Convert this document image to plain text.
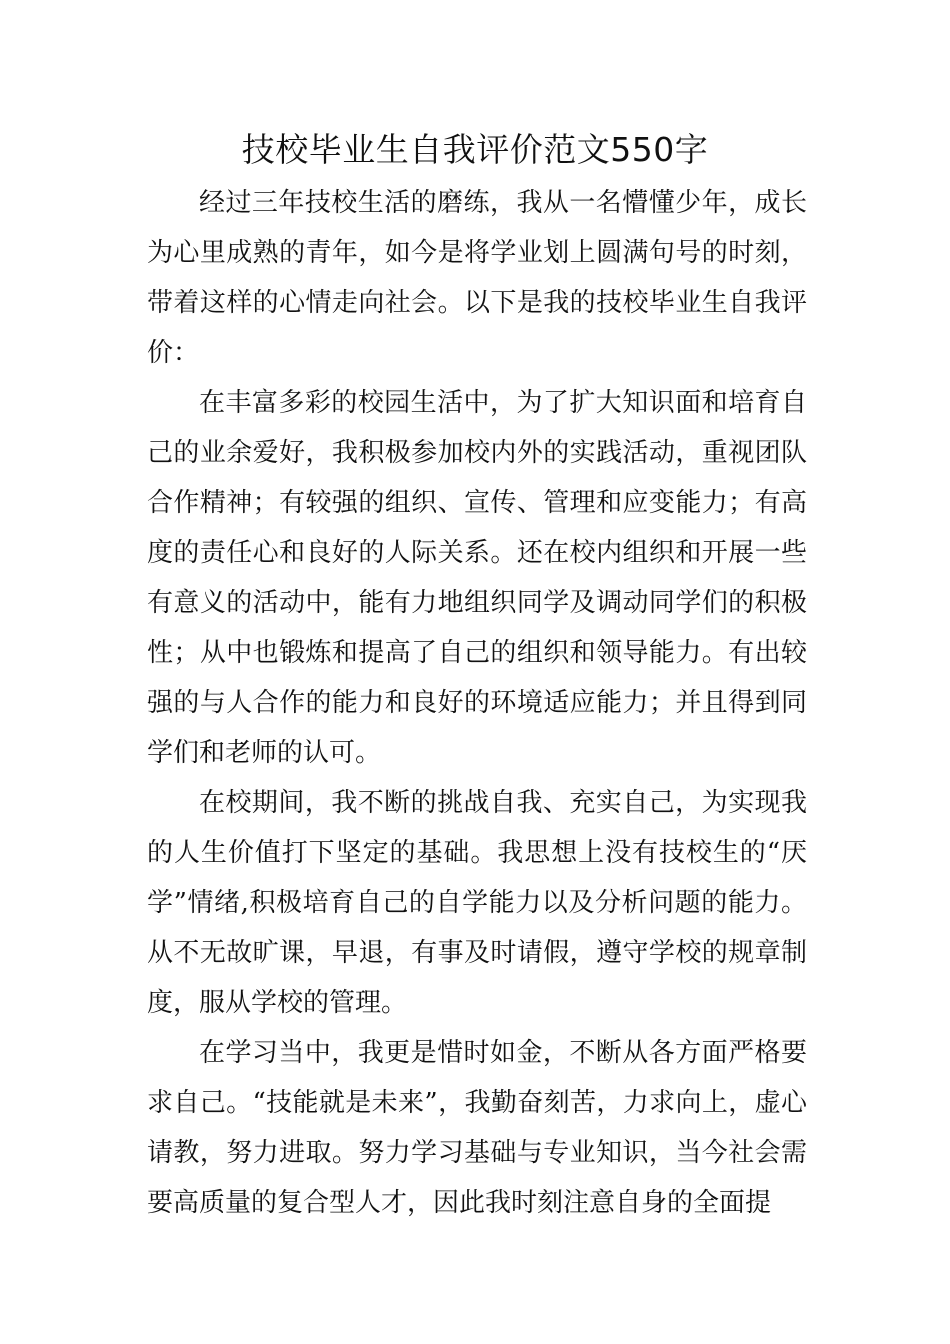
技校毕业生自我评价范文550字

经过三年技校生活的磨练，我从一名懵懂少年，成长为心里成熟的青年，如今是将学业划上圆满句号的时刻，带着这样的心情走向社会。以下是我的技校毕业生自我评价：

在丰富多彩的校园生活中，为了扩大知识面和培育自己的业余爱好，我积极参加校内外的实践活动，重视团队合作精神；有较强的组织、宣传、管理和应变能力；有高度的责任心和良好的人际关系。还在校内组织和开展一些有意义的活动中，能有力地组织同学及调动同学们的积极性；从中也锻炼和提高了自己的组织和领导能力。有出较强的与人合作的能力和良好的环境适应能力；并且得到同学们和老师的认可。

在校期间，我不断的挑战自我、充实自己，为实现我的人生价值打下坚定的基础。我思想上没有技校生的“厌学”情绪,积极培育自己的自学能力以及分析问题的能力。从不无故旷课，早退，有事及时请假，遵守学校的规章制度，服从学校的管理。

在学习当中，我更是惜时如金，不断从各方面严格要求自己。“技能就是未来”，我勤奋刻苦，力求向上，虚心请教，努力进取。努力学习基础与专业知识，当今社会需要高质量的复合型人才，因此我时刻注意自身的全面提
